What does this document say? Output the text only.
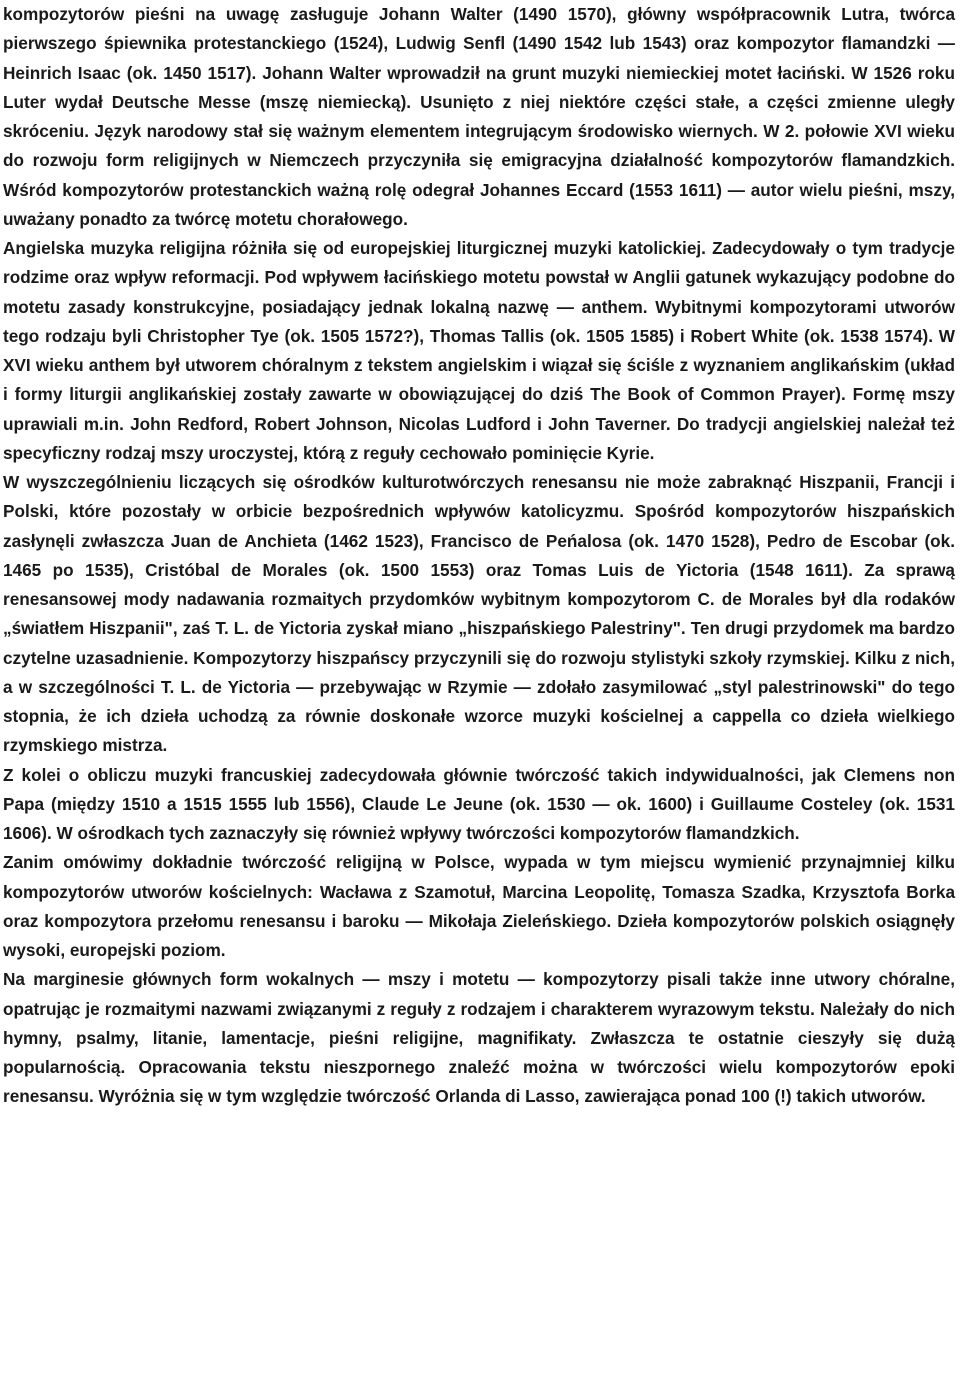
kompozytorów pieśni na uwagę zasługuje Johann Walter (1490 1570), główny współpracownik Lutra, twórca pierwszego śpiewnika protestanckiego (1524), Ludwig Senfl (1490 1542 lub 1543) oraz kompozytor flamandzki — Heinrich Isaac (ok. 1450 1517). Johann Walter wprowadził na grunt muzyki niemieckiej motet łaciński. W 1526 roku Luter wydał Deutsche Messe (mszę niemiecką). Usunięto z niej niektóre części stałe, a części zmienne uległy skróceniu. Język narodowy stał się ważnym elementem integrującym środowisko wiernych. W 2. połowie XVI wieku do rozwoju form religijnych w Niemczech przyczyniła się emigracyjna działalność kompozytorów flamandzkich. Wśród kompozytorów protestanckich ważną rolę odegrał Johannes Eccard (1553 1611) — autor wielu pieśni, mszy, uważany ponadto za twórcę motetu chorałowego.

Angielska muzyka religijna różniła się od europejskiej liturgicznej muzyki katolickiej. Zadecydowały o tym tradycje rodzime oraz wpływ reformacji. Pod wpływem łacińskiego motetu powstał w Anglii gatunek wykazujący podobne do motetu zasady konstrukcyjne, posiadający jednak lokalną nazwę — anthem. Wybitnymi kompozytorami utworów tego rodzaju byli Christopher Tye (ok. 1505 1572?), Thomas Tallis (ok. 1505 1585) i Robert White (ok. 1538 1574). W XVI wieku anthem był utworem chóralnym z tekstem angielskim i wiązał się ściśle z wyznaniem anglikańskim (układ i formy liturgii anglikańskiej zostały zawarte w obowiązującej do dziś The Book of Common Prayer). Formę mszy uprawiali m.in. John Redford, Robert Johnson, Nicolas Ludford i John Taverner. Do tradycji angielskiej należał też specyficzny rodzaj mszy uroczystej, którą z reguły cechowało pominięcie Kyrie.

W wyszczególnieniu liczących się ośrodków kulturotwórczych renesansu nie może zabraknąć Hiszpanii, Francji i Polski, które pozostały w orbicie bezpośrednich wpływów katolicyzmu. Spośród kompozytorów hiszpańskich zasłynęli zwłaszcza Juan de Anchieta (1462 1523), Francisco de Peńalosa (ok. 1470 1528), Pedro de Escobar (ok. 1465 po 1535), Cristóbal de Morales (ok. 1500 1553) oraz Tomas Luis de Yictoria (1548 1611). Za sprawą renesansowej mody nadawania rozmaitych przydomków wybitnym kompozytorom C. de Morales był dla rodaków „światłem Hiszpanii", zaś T. L. de Yictoria zyskał miano „hiszpańskiego Palestriny". Ten drugi przydomek ma bardzo czytelne uzasadnienie. Kompozytorzy hiszpańscy przyczynili się do rozwoju stylistyki szkoły rzymskiej. Kilku z nich, a w szczególności T. L. de Yictoria — przebywając w Rzymie — zdołało zasymilować „styl palestrinowski" do tego stopnia, że ich dzieła uchodzą za równie doskonałe wzorce muzyki kościelnej a cappella co dzieła wielkiego rzymskiego mistrza.

Z kolei o obliczu muzyki francuskiej zadecydowała głównie twórczość takich indywidualności, jak Clemens non Papa (między 1510 a 1515 1555 lub 1556), Claude Le Jeune (ok. 1530 — ok. 1600) i Guillaume Costeley (ok. 1531 1606). W ośrodkach tych zaznaczyły się również wpływy twórczości kompozytorów flamandzkich.

Zanim omówimy dokładnie twórczość religijną w Polsce, wypada w tym miejscu wymienić przynajmniej kilku kompozytorów utworów kościelnych: Wacława z Szamotuł, Marcina Leopolitę, Tomasza Szadka, Krzysztofa Borka oraz kompozytora przełomu renesansu i baroku — Mikołaja Zieleńskiego. Dzieła kompozytorów polskich osiągnęły wysoki, europejski poziom.

Na marginesie głównych form wokalnych — mszy i motetu — kompozytorzy pisali także inne utwory chóralne, opatrując je rozmaitymi nazwami związanymi z reguły z rodzajem i charakterem wyrazowym tekstu. Należały do nich hymny, psalmy, litanie, lamentacje, pieśni religijne, magnifikaty. Zwłaszcza te ostatnie cieszyły się dużą popularnością. Opracowania tekstu nieszpornego znaleźć można w twórczości wielu kompozytorów epoki renesansu. Wyróżnia się w tym względzie twórczość Orlanda di Lasso, zawierająca ponad 100 (!) takich utworów.
